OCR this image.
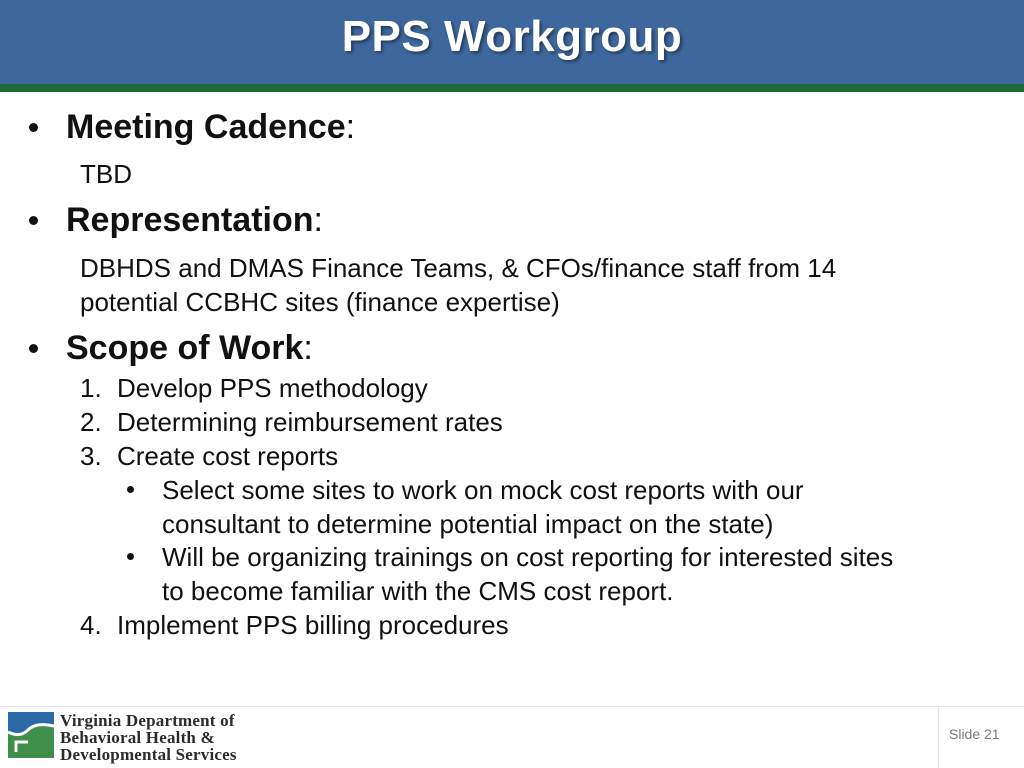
PPS Workgroup
Meeting Cadence:
TBD
Representation:
DBHDS and DMAS Finance Teams, & CFOs/finance staff from 14
potential CCBHC sites (finance expertise)
Scope of Work:
1. Develop PPS methodology
2. Determining reimbursement rates
3. Create cost reports
Select some sites to work on mock cost reports with our
consultant to determine potential impact on the state)
Will be organizing trainings on cost reporting for interested sites
to become familiar with the CMS cost report.
4. Implement PPS billing procedures
Virginia Department of
Behavioral Health &
Developmental Services
Slide 21
